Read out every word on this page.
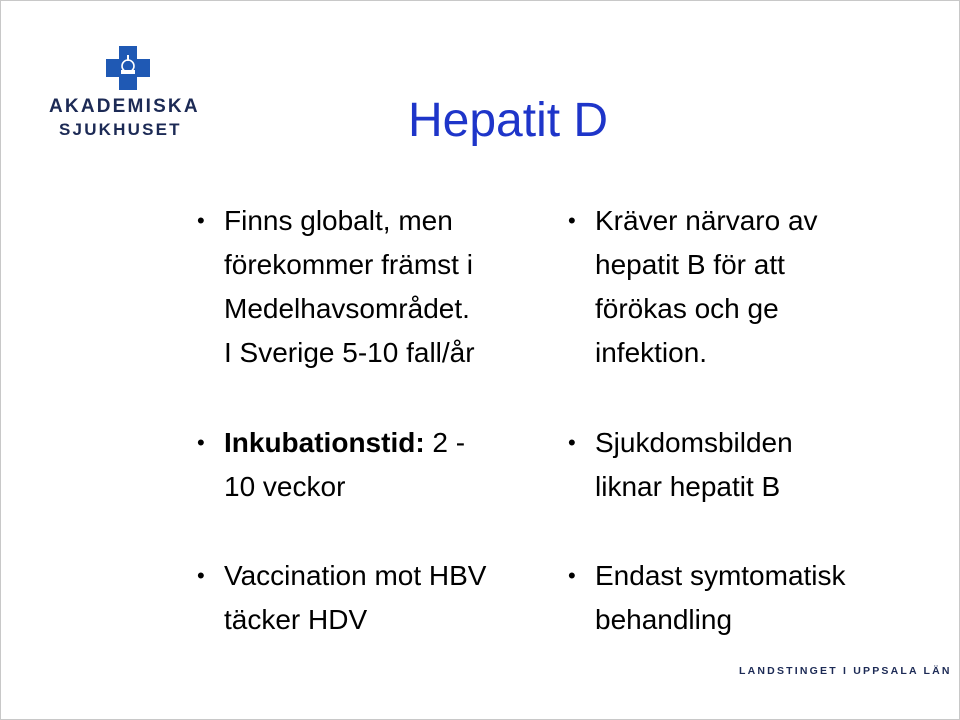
AKADEMISKA
SJUKHUSET	Hepatit D
• Finns globalt, men
förekommer främst i
Medelhavsområdet.
I Sverige 5-10 fall/år
• Inkubationstid: 2 -
10 veckor
• Vaccination mot HBV
täcker HDV
• Kräver närvaro av
hepatit B för att
förökas och ge
infektion.
• Sjukdomsbilden
liknar hepatit B
• Endast symtomatisk
behandling
LANDSTINGET I UPPSALA LÄN
